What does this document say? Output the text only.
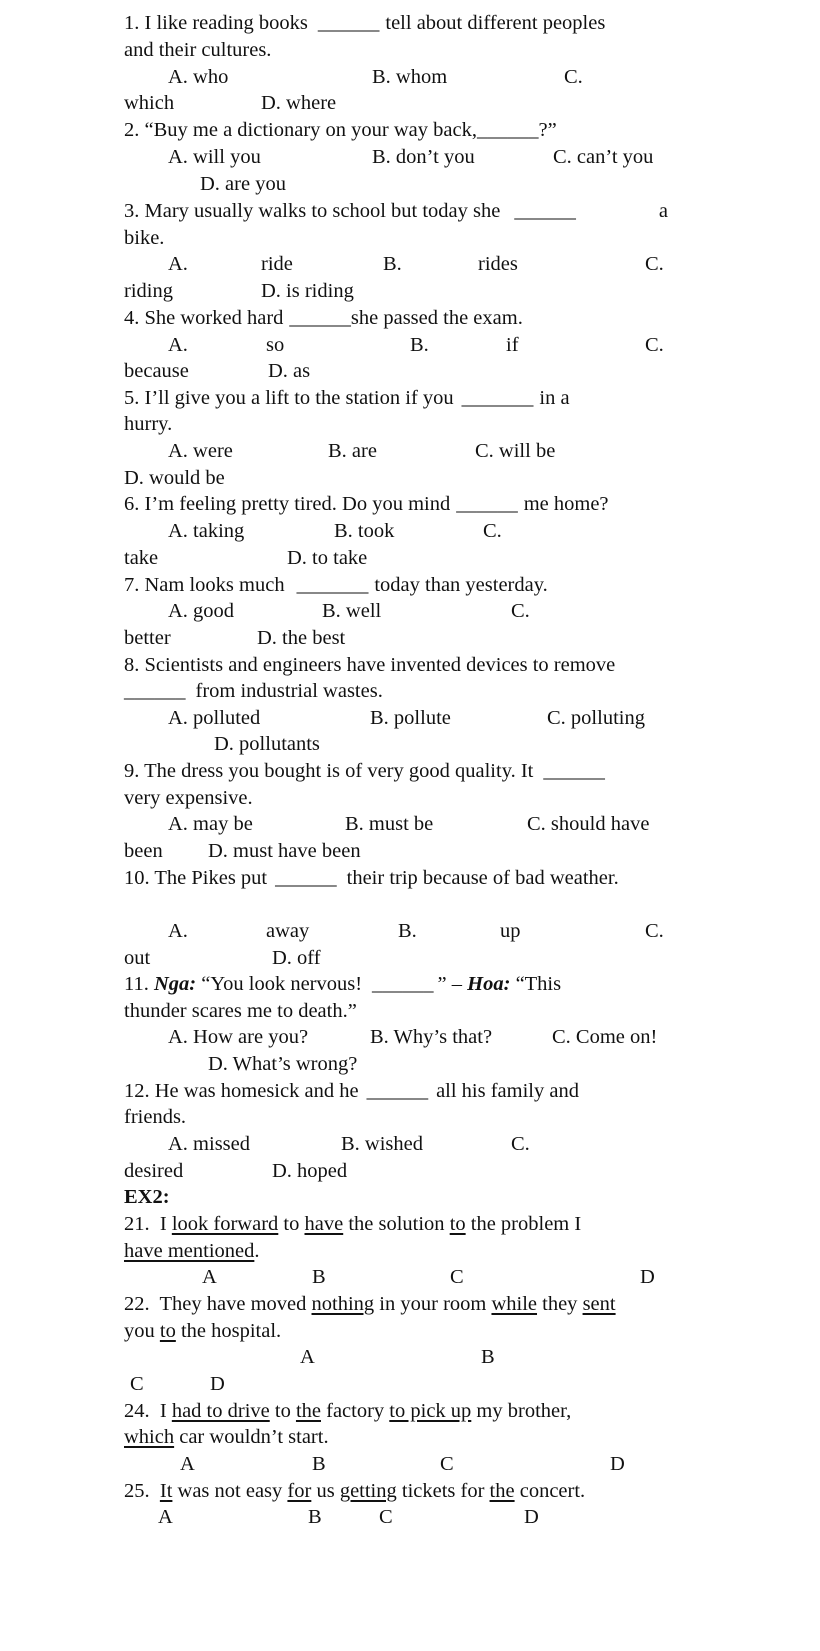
1. I like reading books ______ tell about different peoples
and their cultures.
A. who	B. whom	C.
which	D. where
2. “Buy me a dictionary on your way back,______?”
A. will you	B. don’t you	C. can’t you
D. are you
3. Mary usually walks to school but today she ______	a
bike.
A.	ride	B.	rides	C.
riding	D. is riding
4. She worked hard ______she passed the exam.
A.	so	B.	if	C.
because	D. as
5. I’ll give you a lift to the station if you _______ in a
hurry.
A. were	B. are	C. will be
D. would be
6. I’m feeling pretty tired. Do you mind ______ me home?
A. taking	B. took	C.
take	D. to take
7. Nam looks much _______ today than yesterday.
A. good	B. well	C.
better	D. the best
8. Scientists and engineers have invented devices to remove
______ from industrial wastes.
A. polluted	B. pollute	C. polluting
D. pollutants
9. The dress you bought is of very good quality. It ______
very expensive.
A. may be	B. must be	C. should have
been D. must have been
10. The Pikes put ______ their trip because of bad weather.
A.	away	B.	up	C.
out	D. off
11. Nga: “You look nervous! ______ ” – Hoa: “This
thunder scares me to death.”
A. How are you?	B. Why’s that?	C. Come on!
D. What’s wrong?
12. He was homesick and he ______ all his family and
friends.
A. missed	B. wished	C.
desired	D. hoped
EX2:
21. I look forward to have the solution to the problem I
have mentioned.
A	B	C	D
22. They have moved nothing in your room while they sent
you to the hospital.
A	B
C	D
24. I had to drive to the factory to pick up my brother,
which car wouldn’t start.
A	B	C	D
25. It was not easy for us getting tickets for the concert.
A	B	C	D
